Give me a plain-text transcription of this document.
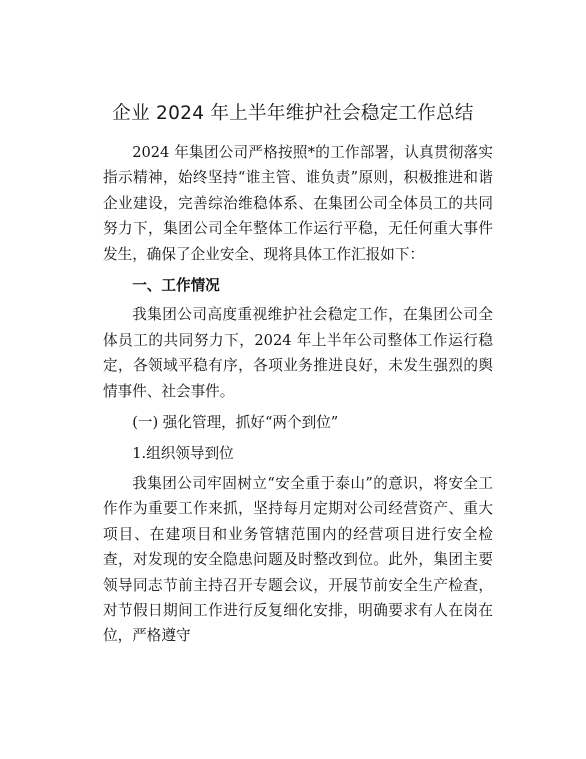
企业 2024 年上半年维护社会稳定工作总结

2024 年集团公司严格按照*的工作部署，认真贯彻落实指示精神，始终坚持“谁主管、谁负责”原则，积极推进和谐企业建设，完善综治维稳体系、在集团公司全体员工的共同努力下，集团公司全年整体工作运行平稳，无任何重大事件发生，确保了企业安全、现将具体工作汇报如下：

一、工作情况

我集团公司高度重视维护社会稳定工作，在集团公司全体员工的共同努力下，2024 年上半年公司整体工作运行稳定，各领域平稳有序，各项业务推进良好，未发生强烈的舆情事件、社会事件。

(一) 强化管理，抓好“两个到位”
1.组织领导到位

我集团公司牢固树立“安全重于泰山”的意识，将安全工作作为重要工作来抓，坚持每月定期对公司经营资产、重大项目、在建项目和业务管辖范围内的经营项目进行安全检查，对发现的安全隐患问题及时整改到位。此外，集团主要领导同志节前主持召开专题会议，开展节前安全生产检查，对节假日期间工作进行反复细化安排，明确要求有人在岗在位，严格遵守
